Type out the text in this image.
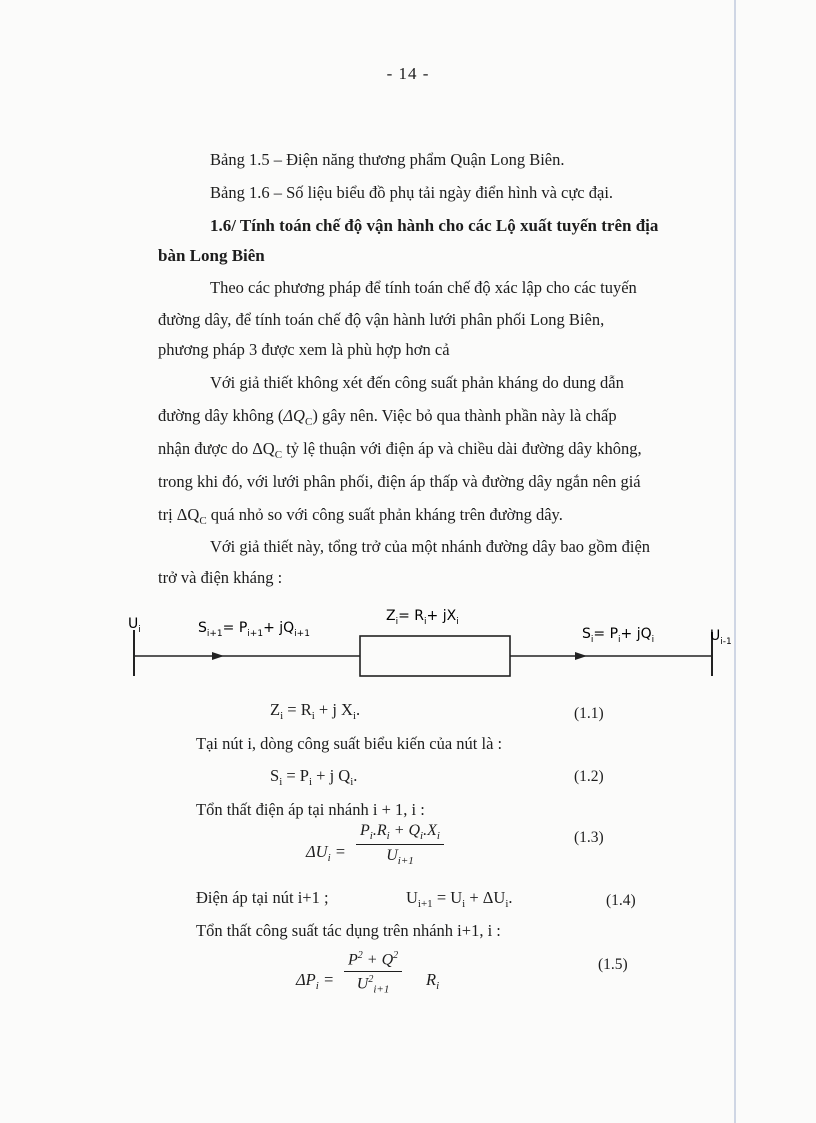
- 14 -
Bảng 1.5 – Điện năng thương phẩm Quận Long Biên.
Bảng 1.6 – Số liệu biểu đồ phụ tải ngày điển hình và cực đại.
1.6/ Tính toán chế độ vận hành cho các Lộ xuất tuyến trên địa
bàn Long Biên
Theo các phương pháp để tính toán chế độ xác lập cho các tuyến
đường dây, để tính toán chế độ vận hành lưới phân phối Long Biên,
phương pháp 3 được xem là phù hợp hơn cả
Với giả thiết không xét đến công suất phản kháng do dung dẫn
đường dây không $(\Delta Q_C)$ gây nên. Việc bỏ qua thành phần này là chấp
nhận được do $\Delta Q_C$ tỷ lệ thuận với điện áp và chiều dài đường dây không,
trong khi đó, với lưới phân phối, điện áp thấp và đường dây ngắn nên giá
trị $\Delta Q_C$ quá nhỏ so với công suất phản kháng trên đường dây.
Với giả thiết này, tổng trở của một nhánh đường dây bao gồm điện
trở và điện kháng :
$U_i$	$U_{i-1}$
$S_{i+1}= P_{i+1}+ jQ_{i+1}$
$Z_i= R_i+ jX_i$
$S_i= P_i+ jQ_i$
$Z_i = R_i + j$ $X_i$.	(1.1)
Tại nút i, dòng công suất biểu kiến của nút là :
$S_i = P_i + j$ $Q_i$.	(1.2)
Tổn thất điện áp tại nhánh i + 1, i :
$\Delta U_i = \frac{P_i.R_i + Q_i.X_i}{U_{i+1}}$	(1.3)
Điện áp tại nút i+1 ;	$U_{i+1} = U_i + \Delta U_i$.	(1.4)
Tổn thất công suất tác dụng trên nhánh i+1, i :
$\Delta P_i = \frac{P^2 + Q^2}{U^2_{i+1}} R_i$
(1.5)
